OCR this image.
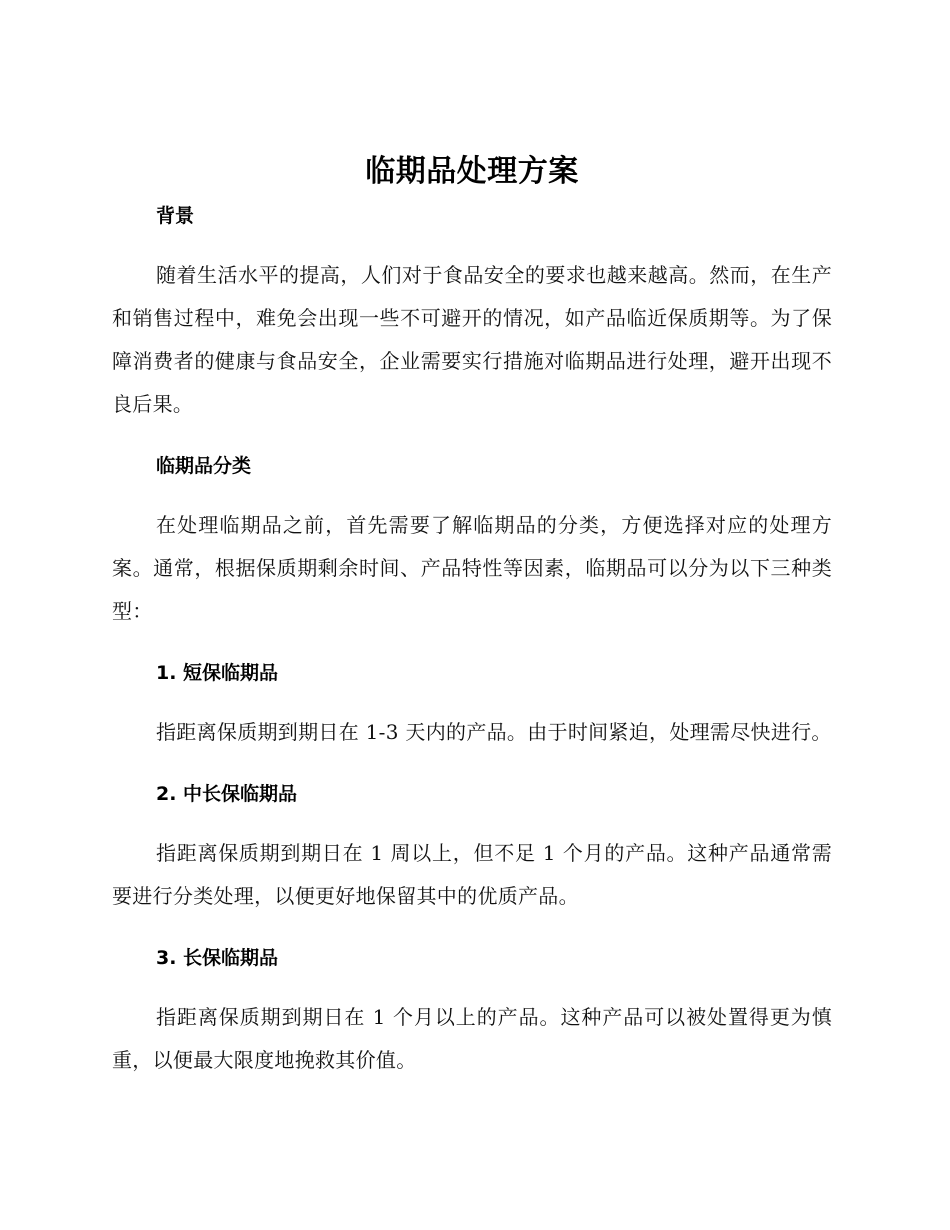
临期品处理方案
背景

随着生活水平的提高，人们对于食品安全的要求也越来越高。然而，在生产和销售过程中，难免会出现一些不可避开的情况，如产品临近保质期等。为了保障消费者的健康与食品安全，企业需要实行措施对临期品进行处理，避开出现不良后果。

临期品分类

在处理临期品之前，首先需要了解临期品的分类，方便选择对应的处理方案。通常，根据保质期剩余时间、产品特性等因素，临期品可以分为以下三种类型：

1. 短保临期品

指距离保质期到期日在 1-3 天内的产品。由于时间紧迫，处理需尽快进行。

2. 中长保临期品

指距离保质期到期日在 1 周以上，但不足 1 个月的产品。这种产品通常需要进行分类处理，以便更好地保留其中的优质产品。

3. 长保临期品

指距离保质期到期日在 1 个月以上的产品。这种产品可以被处置得更为慎重，以便最大限度地挽救其价值。
